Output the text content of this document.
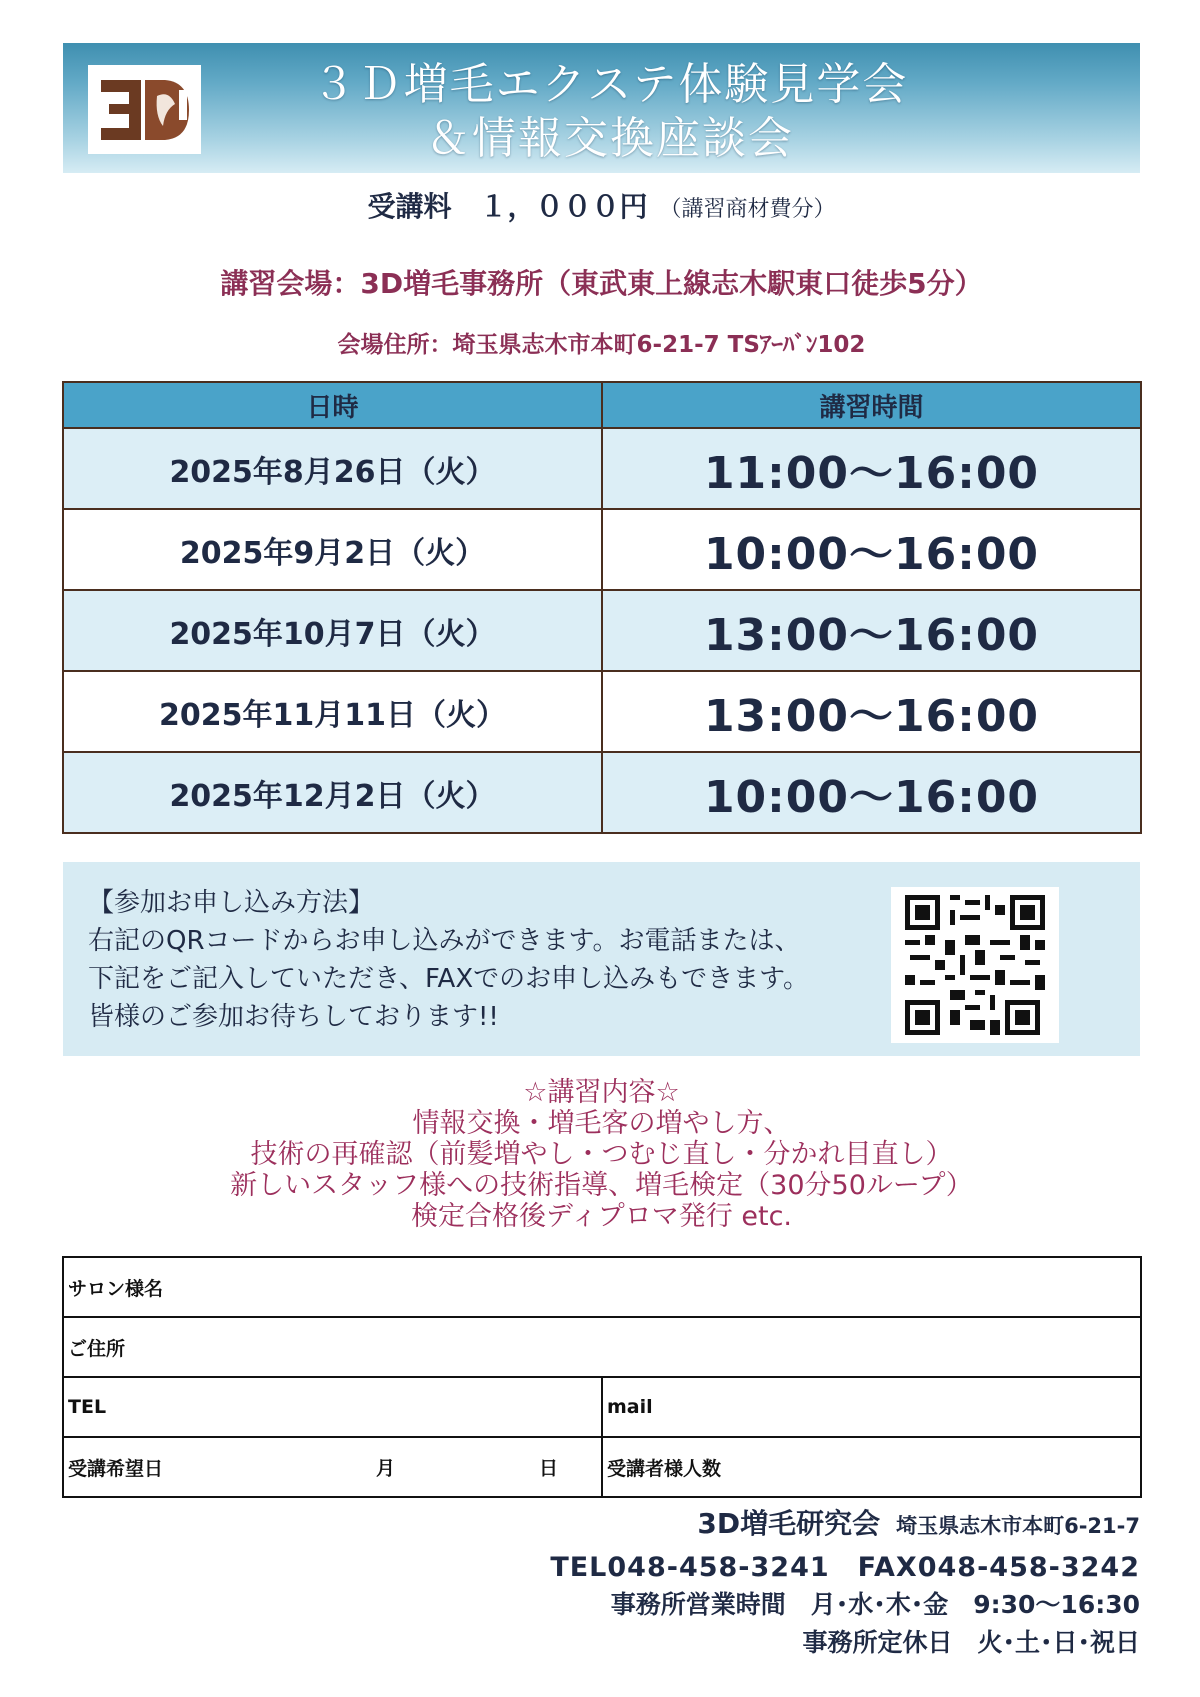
３Ｄ増毛エクステ体験見学会
＆情報交換座談会
受講料　１，０００円 （講習商材費分）
講習会場：3D増毛事務所（東武東上線志木駅東口徒歩5分）
会場住所：埼玉県志木市本町6-21-7 TSｱｰﾊﾞﾝ102
日時	講習時間
2025年8月26日（火）	11:00～16:00
2025年9月2日（火）	10:00～16:00
2025年10月7日（火）	13:00～16:00
2025年11月11日（火）	13:00～16:00
2025年12月2日（火）	10:00～16:00
【参加お申し込み方法】
右記のQRコードからお申し込みができます。お電話または、
下記をご記入していただき、FAXでのお申し込みもできます。
皆様のご参加お待ちしております!!
☆講習内容☆
情報交換・増毛客の増やし方、
技術の再確認（前髪増やし・つむじ直し・分かれ目直し）
新しいスタッフ様への技術指導、増毛検定（30分50ループ）
検定合格後ディプロマ発行 etc.
サロン様名	
ご住所	
TEL	mail
受講希望日 月 日	受講者様人数
3D増毛研究会 埼玉県志木市本町6-21-7
TEL048-458-3241　FAX048-458-3242
事務所営業時間　月･水･木･金　9:30～16:30
事務所定休日　火･土･日･祝日
